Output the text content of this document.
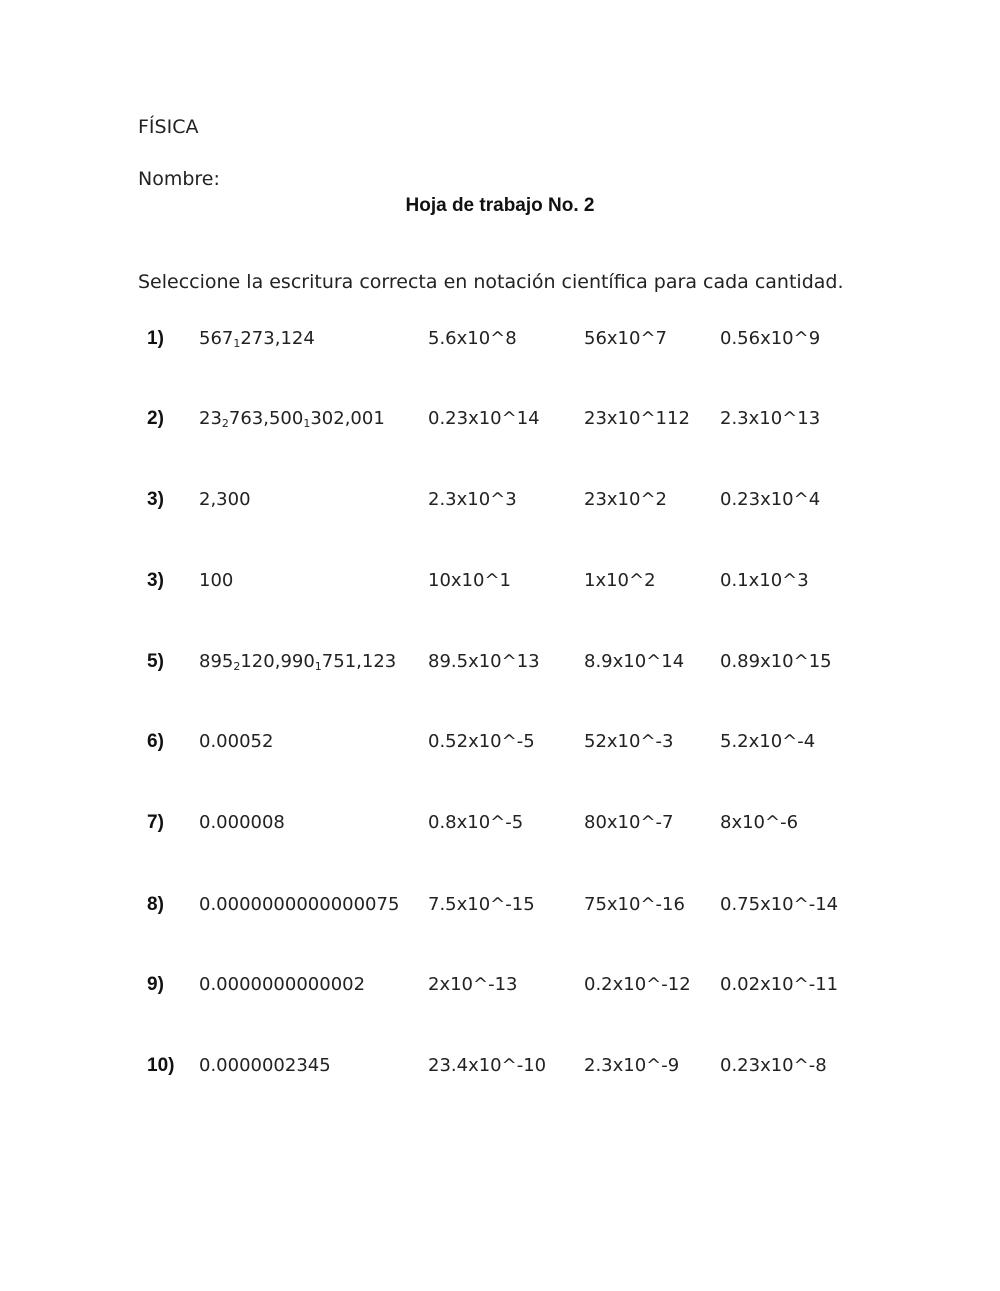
FÍSICA
Nombre:
Hoja de trabajo No. 2
Seleccione la escritura correcta en notación científica para cada cantidad.
1) $567_1273,124$	5.6x10^8	56x10^7	0.56x10^9
2) $23_2763,500_1302,001$ 0.23x10^14 23x10^112 2.3x10^13
3) 2,300	2.3x10^3	23x10^2	0.23x10^4
3) 100	10x10^1	1x10^2	0.1x10^3
5) $895_2120,990_1751,123$ 89.5x10^13 8.9x10^14 0.89x10^15
6) 0.00052	0.52x10^-5	52x10^-3	5.2x10^-4
7) 0.000008	0.8x10^-5	80x10^-7	8x10^-6
8) 0.0000000000000075 7.5x10^-15	75x10^-16 0.75x10^-14
9) 0.0000000000002	2x10^-13	0.2x10^-12 0.02x10^-11
10) 0.0000002345	23.4x10^-10 2.3x10^-9 0.23x10^-8
